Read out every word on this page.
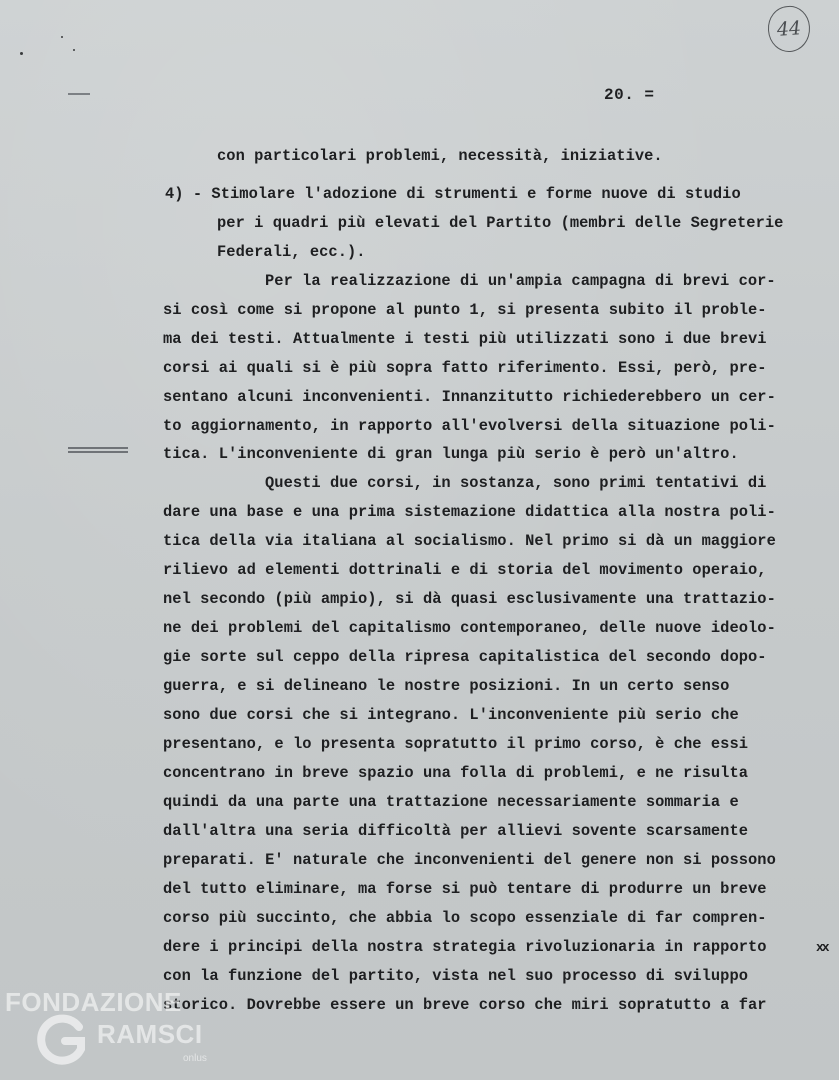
44
20. =
con particolari problemi, necessità, iniziative.
4) - Stimolare l'adozione di strumenti e forme nuove di studio
per i quadri più elevati del Partito (membri delle Segreterie
Federali, ecc.).
Per la realizzazione di un'ampia campagna di brevi cor-
si così come si propone al punto 1, si presenta subito il proble-
ma dei testi. Attualmente i testi più utilizzati sono i due brevi
corsi ai quali si è più sopra fatto riferimento. Essi, però, pre-
sentano alcuni inconvenienti. Innanzitutto richiederebbero un cer-
to aggiornamento, in rapporto all'evolversi della situazione poli-
tica. L'inconveniente di gran lunga più serio è però un'altro.
Questi due corsi, in sostanza, sono primi tentativi di
dare una base e una prima sistemazione didattica alla nostra poli-
tica della via italiana al socialismo. Nel primo si dà un maggiore
rilievo ad elementi dottrinali e di storia del movimento operaio,
nel secondo (più ampio), si dà quasi esclusivamente una trattazio-
ne dei problemi del capitalismo contemporaneo, delle nuove ideolo-
gie sorte sul ceppo della ripresa capitalistica del secondo dopo-
guerra, e si delineano le nostre posizioni. In un certo senso
sono due corsi che si integrano. L'inconveniente più serio che
presentano, e lo presenta sopratutto il primo corso, è che essi
concentrano in breve spazio una folla di problemi, e ne risulta
quindi da una parte una trattazione necessariamente sommaria e
dall'altra una seria difficoltà per allievi sovente scarsamente
preparati. E' naturale che inconvenienti del genere non si possono
del tutto eliminare, ma forse si può tentare di produrre un breve
corso più succinto, che abbia lo scopo essenziale di far compren-
dere i principi della nostra strategia rivoluzionaria in rapporto
con la funzione del partito, vista nel suo processo di sviluppo
storico. Dovrebbe essere un breve corso che miri sopratutto a far
xx
FONDAZIONE
RAMSCI
onlus
